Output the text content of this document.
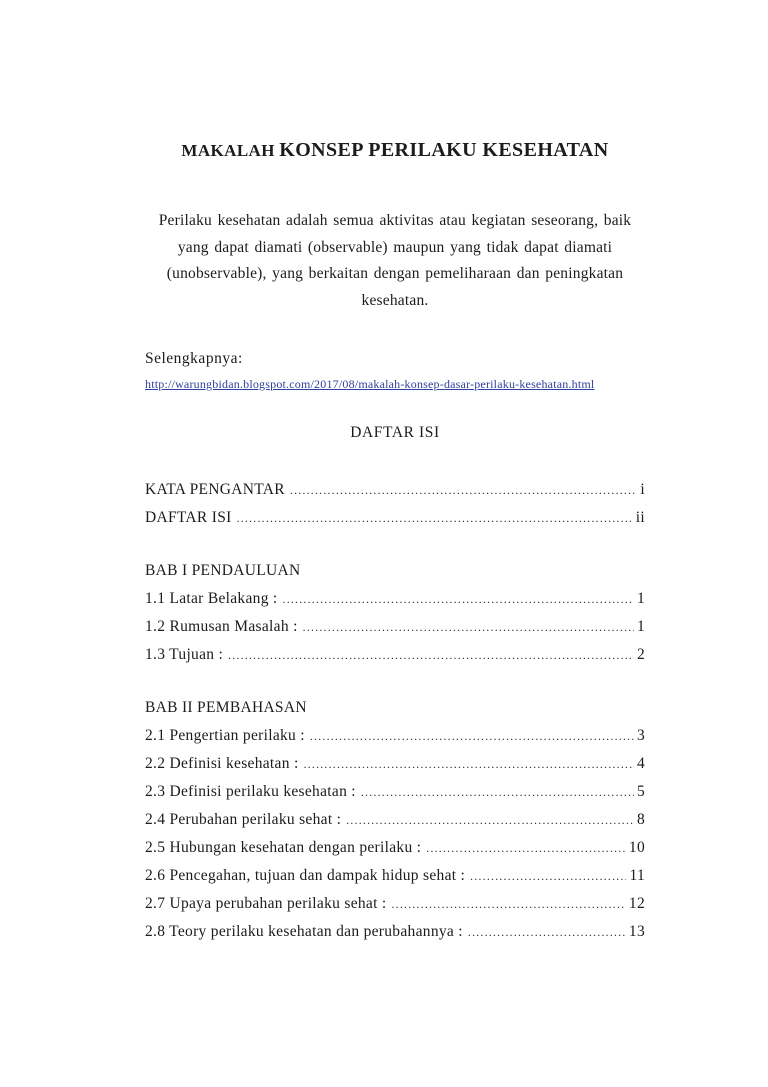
MAKALAH KONSEP PERILAKU KESEHATAN
Perilaku kesehatan adalah semua aktivitas atau kegiatan seseorang, baik yang dapat diamati (observable) maupun yang tidak dapat diamati (unobservable), yang berkaitan dengan pemeliharaan dan peningkatan kesehatan.
Selengkapnya:
http://warungbidan.blogspot.com/2017/08/makalah-konsep-dasar-perilaku-kesehatan.html
DAFTAR ISI
KATA PENGANTAR .....	i
DAFTAR ISI .....	ii
BAB I PENDAULUAN
1.1 Latar Belakang : .....	1
1.2 Rumusan Masalah : .....	1
1.3 Tujuan : .....	2
BAB II PEMBAHASAN
2.1 Pengertian perilaku : .....	3
2.2 Definisi kesehatan : .....	4
2.3 Definisi perilaku kesehatan : .....	5
2.4 Perubahan perilaku sehat : .....	8
2.5 Hubungan kesehatan dengan perilaku : .....	10
2.6 Pencegahan, tujuan dan dampak hidup sehat : .....	11
2.7 Upaya perubahan perilaku sehat : .....	12
2.8 Teory perilaku kesehatan dan perubahannya : .....	13
